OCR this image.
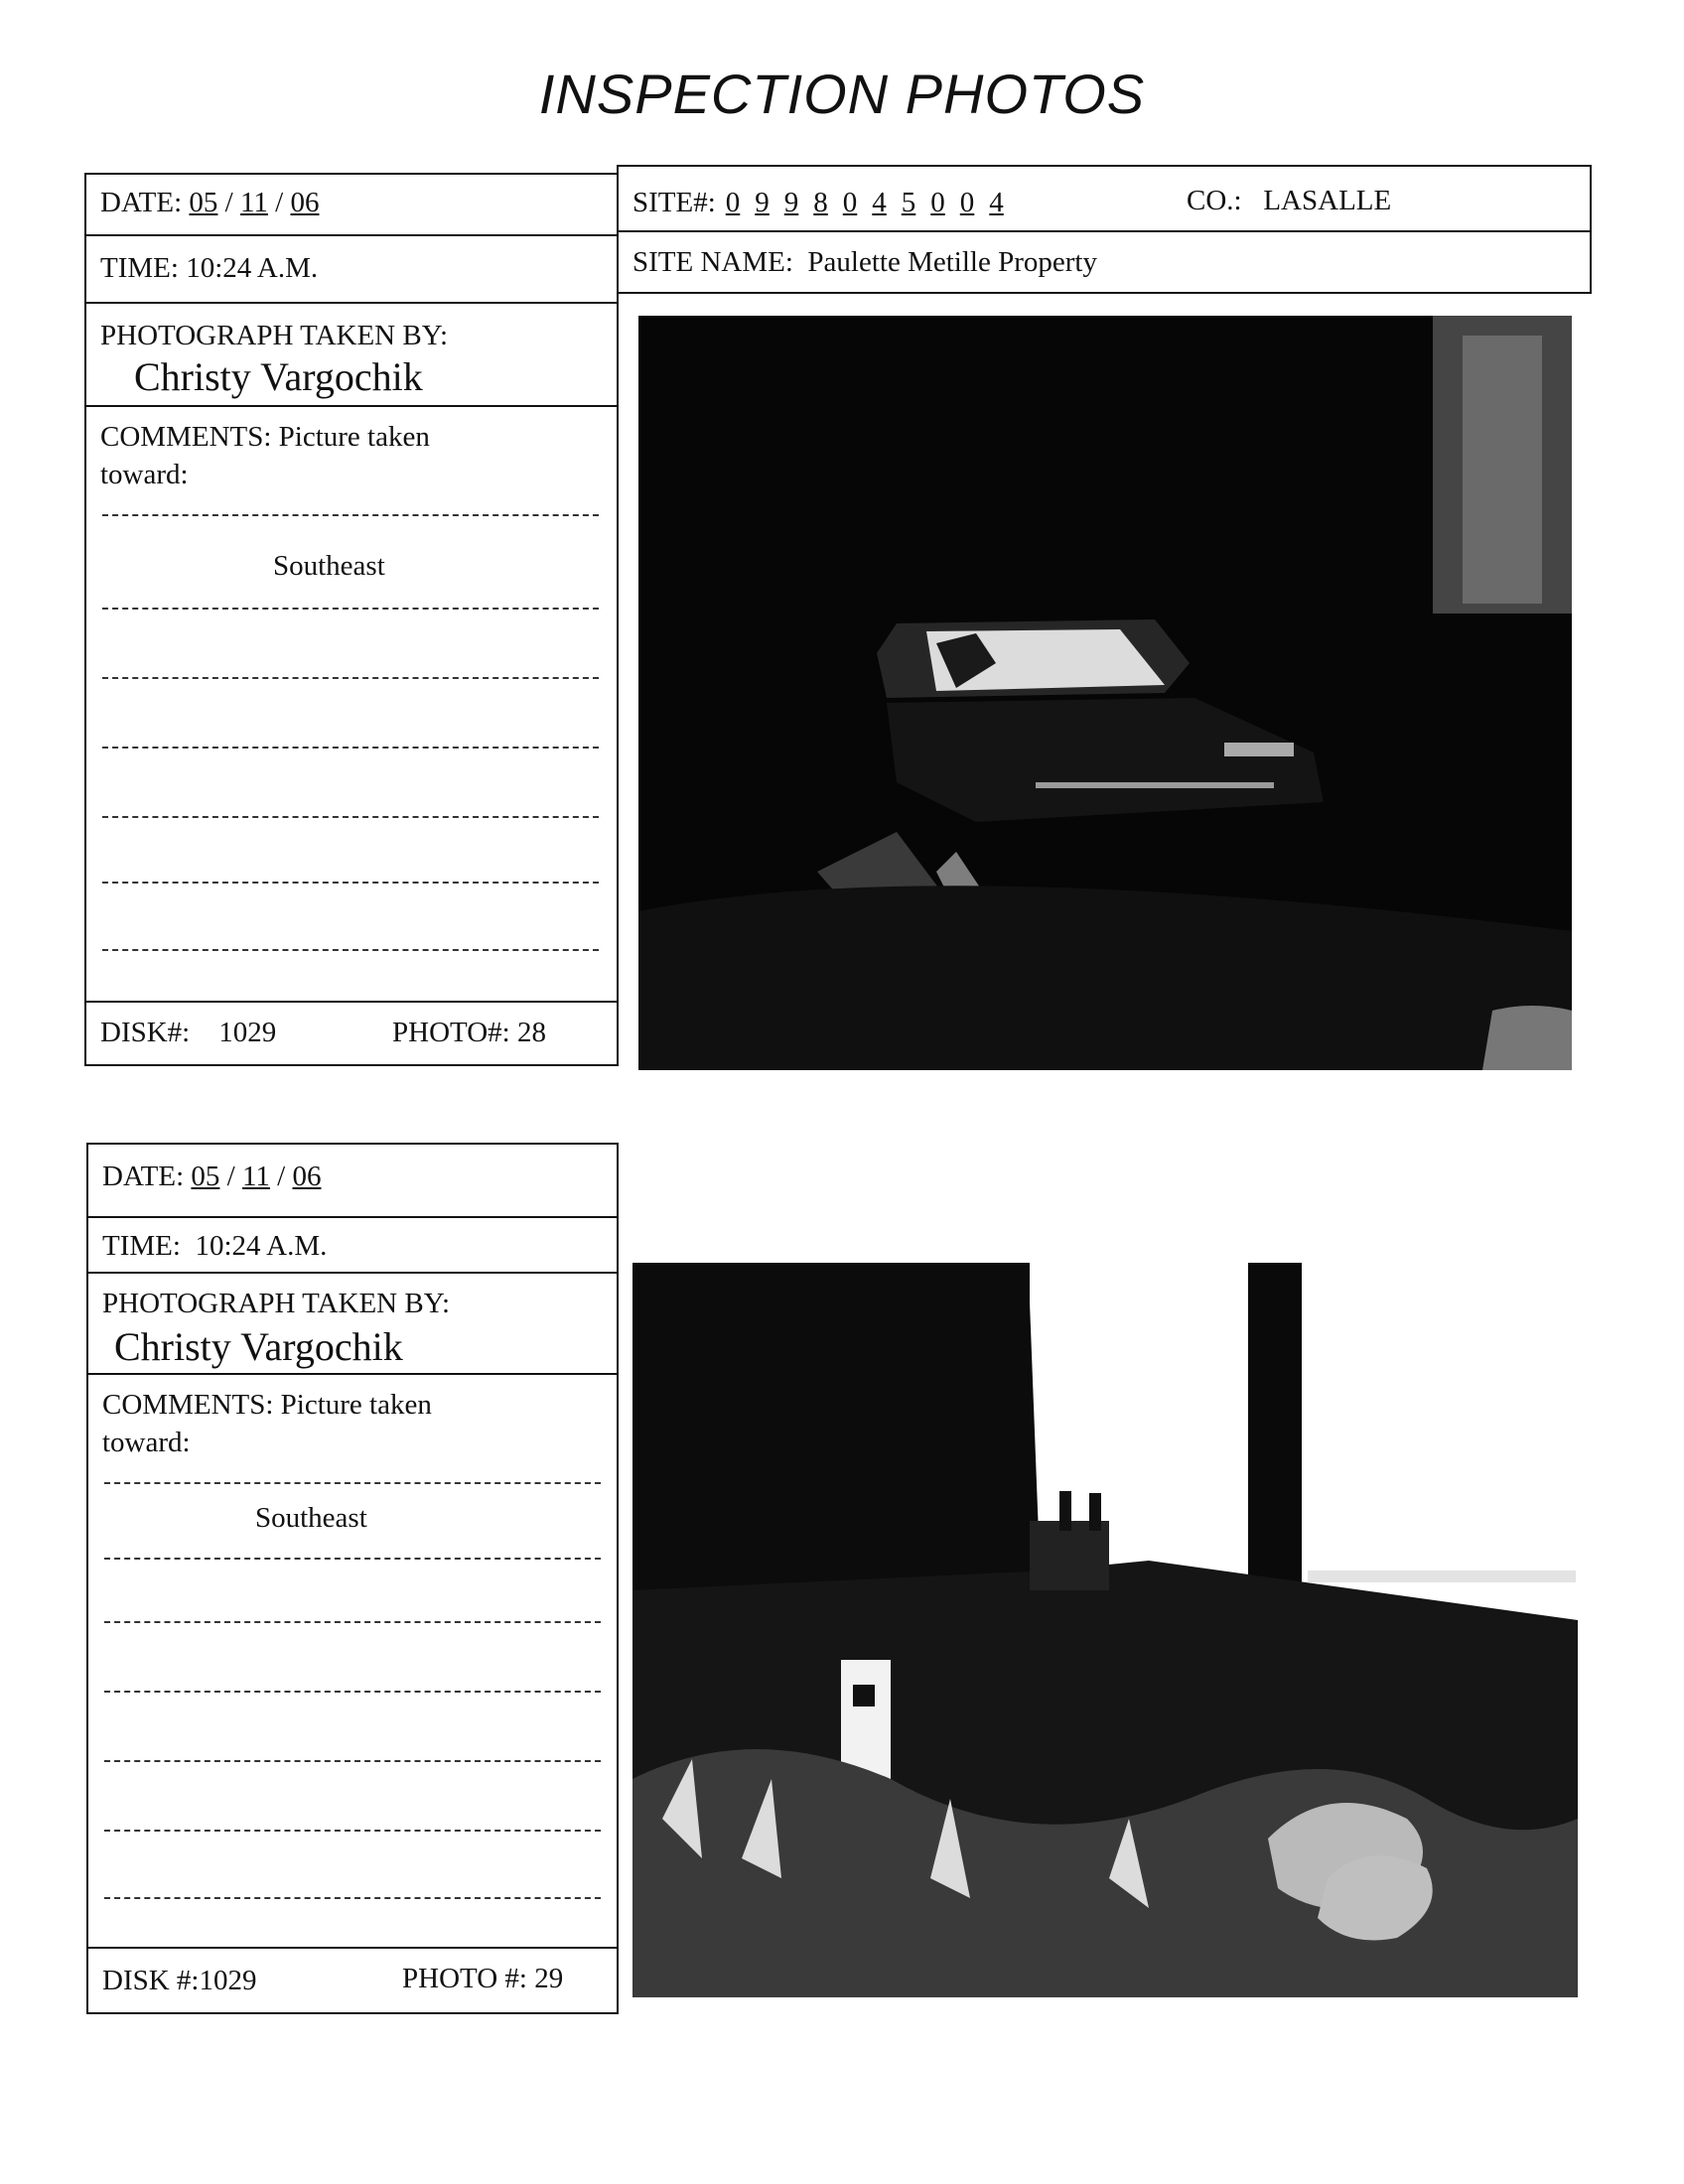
INSPECTION PHOTOS
DATE: 05 / 11 / 06
TIME: 10:24 A.M.
PHOTOGRAPH TAKEN BY:
Christy Vargochik
COMMENTS: Picture taken
toward:
Southeast
DISK#: 1029	PHOTO#: 28
SITE#: 0 9 9 8 0 4 5 0 0 4	CO.: LASALLE
SITE NAME: Paulette Metille Property
DATE: 05 / 11 / 06
TIME: 10:24 A.M.
PHOTOGRAPH TAKEN BY:
Christy Vargochik
COMMENTS: Picture taken
toward:
Southeast
DISK #:1029	PHOTO #: 29
